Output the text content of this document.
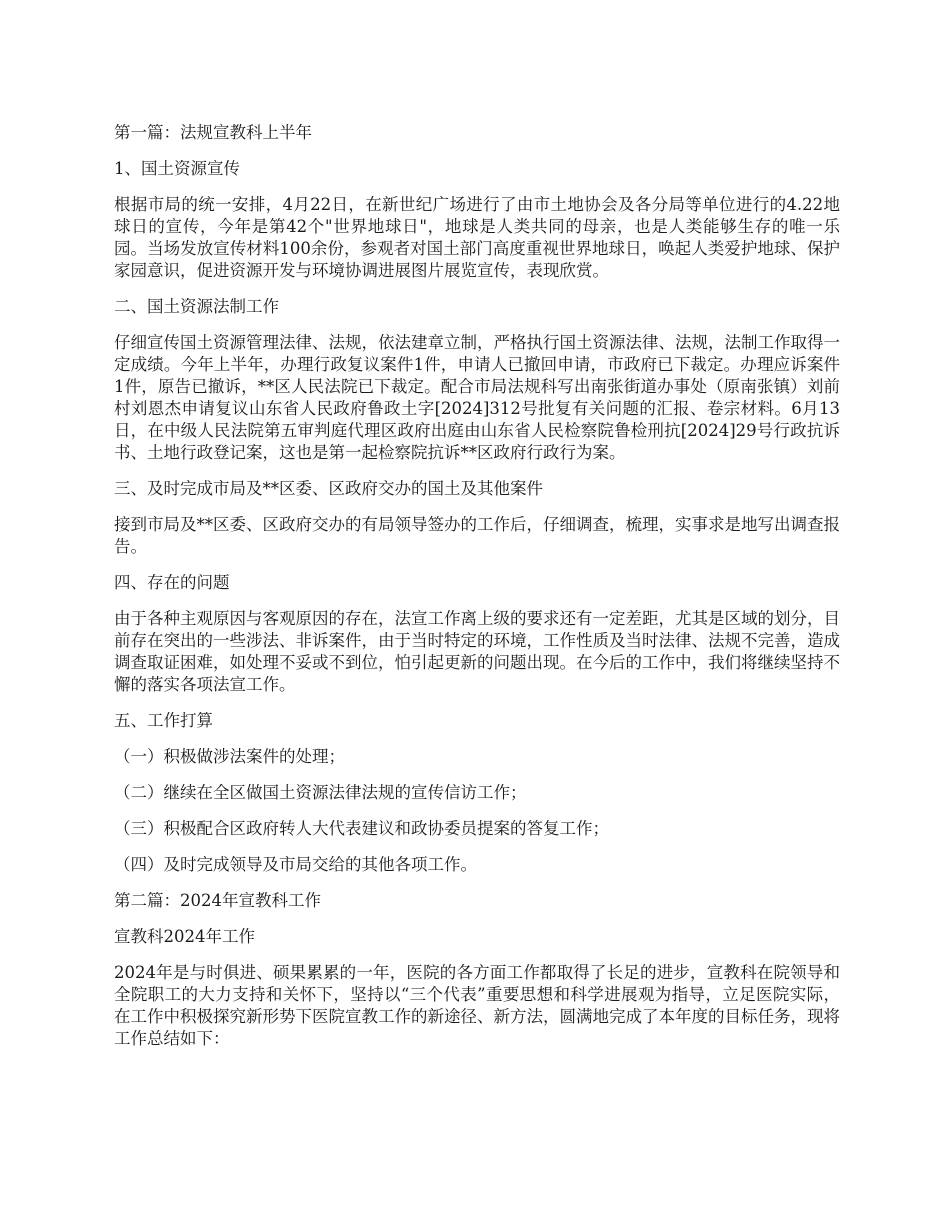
第一篇：法规宣教科上半年

1、国土资源宣传

根据市局的统一安排，4月22日，在新世纪广场进行了由市土地协会及各分局等单位进行的4.22地球日的宣传，今年是第42个"世界地球日"，地球是人类共同的母亲，也是人类能够生存的唯一乐园。当场发放宣传材料100余份，参观者对国土部门高度重视世界地球日，唤起人类爱护地球、保护家园意识，促进资源开发与环境协调进展图片展览宣传，表现欣赏。

二、国土资源法制工作

仔细宣传国土资源管理法律、法规，依法建章立制，严格执行国土资源法律、法规，法制工作取得一定成绩。今年上半年，办理行政复议案件1件，申请人已撤回申请，市政府已下裁定。办理应诉案件1件，原告已撤诉，**区人民法院已下裁定。配合市局法规科写出南张街道办事处（原南张镇）刘前村刘恩杰申请复议山东省人民政府鲁政土字[2024]312号批复有关问题的汇报、卷宗材料。6月13日，在中级人民法院第五审判庭代理区政府出庭由山东省人民检察院鲁检刑抗[2024]29号行政抗诉书、土地行政登记案，这也是第一起检察院抗诉**区政府行政行为案。

三、及时完成市局及**区委、区政府交办的国土及其他案件

接到市局及**区委、区政府交办的有局领导签办的工作后，仔细调查，梳理，实事求是地写出调查报告。

四、存在的问题

由于各种主观原因与客观原因的存在，法宣工作离上级的要求还有一定差距，尤其是区域的划分，目前存在突出的一些涉法、非诉案件，由于当时特定的环境，工作性质及当时法律、法规不完善，造成调查取证困难，如处理不妥或不到位，怕引起更新的问题出现。在今后的工作中，我们将继续坚持不懈的落实各项法宣工作。

五、工作打算

（一）积极做涉法案件的处理；

（二）继续在全区做国土资源法律法规的宣传信访工作；

（三）积极配合区政府转人大代表建议和政协委员提案的答复工作；

（四）及时完成领导及市局交给的其他各项工作。

第二篇：2024年宣教科工作

宣教科2024年工作

2024年是与时俱进、硕果累累的一年，医院的各方面工作都取得了长足的进步，宣教科在院领导和全院职工的大力支持和关怀下，坚持以“三个代表”重要思想和科学进展观为指导，立足医院实际，在工作中积极探究新形势下医院宣教工作的新途径、新方法，圆满地完成了本年度的目标任务，现将工作总结如下：
